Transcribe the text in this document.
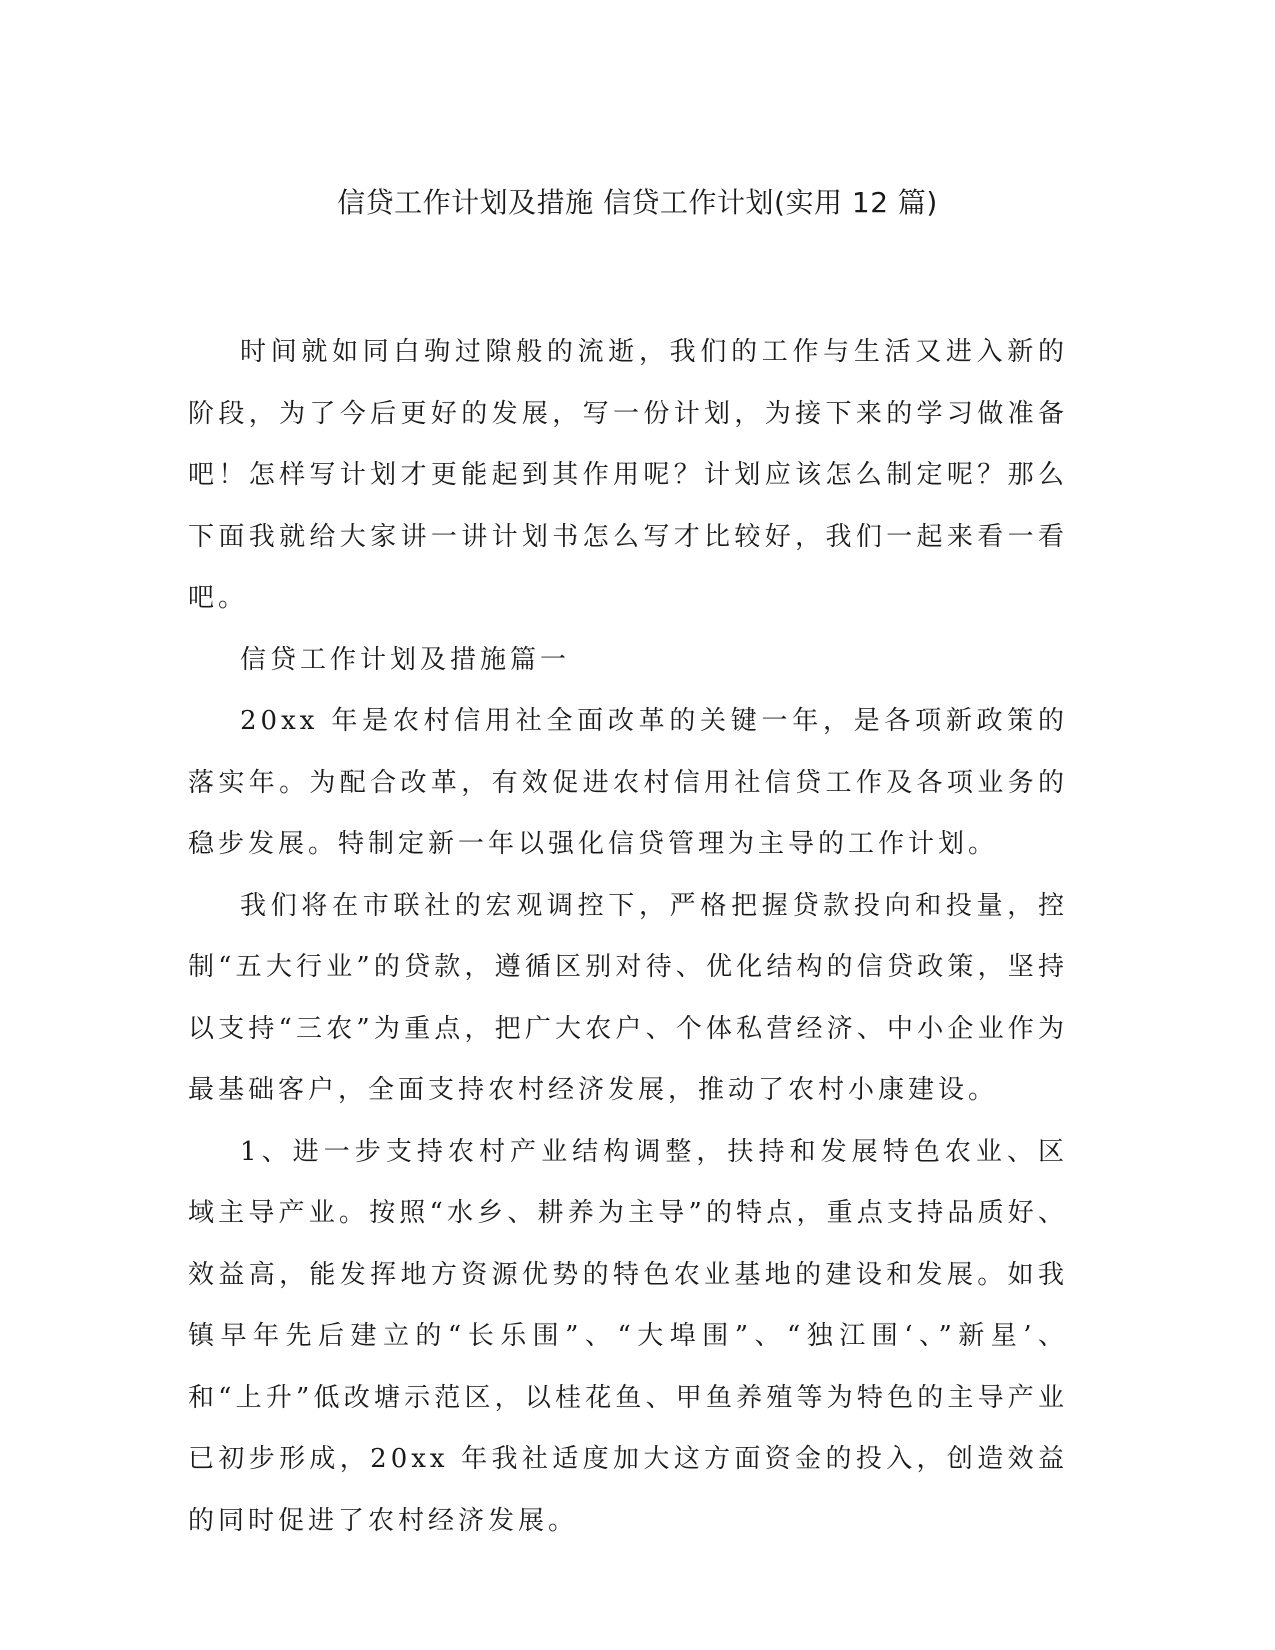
信贷工作计划及措施 信贷工作计划(实用 12 篇)

时间就如同白驹过隙般的流逝，我们的工作与生活又进入新的阶段，为了今后更好的发展，写一份计划，为接下来的学习做准备吧！怎样写计划才更能起到其作用呢？计划应该怎么制定呢？那么下面我就给大家讲一讲计划书怎么写才比较好，我们一起来看一看吧。

信贷工作计划及措施篇一

20xx 年是农村信用社全面改革的关键一年，是各项新政策的落实年。为配合改革，有效促进农村信用社信贷工作及各项业务的稳步发展。特制定新一年以强化信贷管理为主导的工作计划。

我们将在市联社的宏观调控下，严格把握贷款投向和投量，控制“五大行业”的贷款，遵循区别对待、优化结构的信贷政策，坚持以支持“三农”为重点，把广大农户、个体私营经济、中小企业作为最基础客户，全面支持农村经济发展，推动了农村小康建设。

1、进一步支持农村产业结构调整，扶持和发展特色农业、区域主导产业。按照“水乡、耕养为主导”的特点，重点支持品质好、效益高，能发挥地方资源优势的特色农业基地的建设和发展。如我镇早年先后建立的“长乐围”、“大埠围”、“独江围‘、”新星’、和“上升”低改塘示范区，以桂花鱼、甲鱼养殖等为特色的主导产业已初步形成，20xx 年我社适度加大这方面资金的投入，创造效益的同时促进了农村经济发展。
